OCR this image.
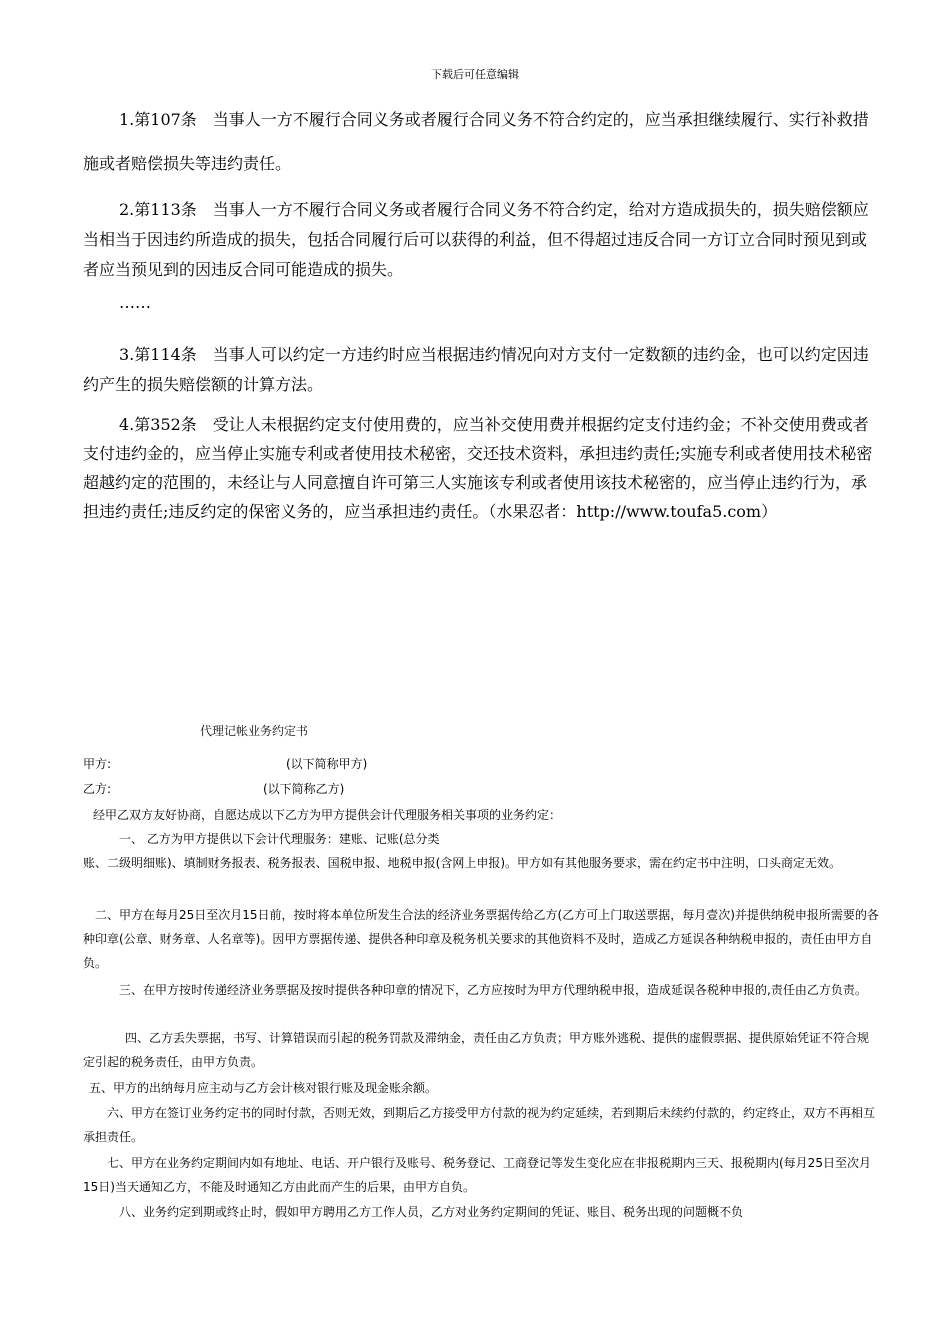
下载后可任意编辑
1.第107条　当事人一方不履行合同义务或者履行合同义务不符合约定的，应当承担继续履行、实行补救措施或者赔偿损失等违约责任。
2.第113条　当事人一方不履行合同义务或者履行合同义务不符合约定，给对方造成损失的，损失赔偿额应当相当于因违约所造成的损失，包括合同履行后可以获得的利益，但不得超过违反合同一方订立合同时预见到或者应当预见到的因违反合同可能造成的损失。
……
3.第114条　当事人可以约定一方违约时应当根据违约情况向对方支付一定数额的违约金，也可以约定因违约产生的损失赔偿额的计算方法。
4.第352条　受让人未根据约定支付使用费的，应当补交使用费并根据约定支付违约金；不补交使用费或者支付违约金的，应当停止实施专利或者使用技术秘密，交还技术资料，承担违约责任;实施专利或者使用技术秘密超越约定的范围的，未经让与人同意擅自许可第三人实施该专利或者使用该技术秘密的，应当停止违约行为，承担违约责任;违反约定的保密义务的，应当承担违约责任。（水果忍者：http://www.toufa5.com）
代理记帐业务约定书
甲方:	(以下简称甲方)
乙方:	(以下简称乙方)
经甲乙双方友好协商，自愿达成以下乙方为甲方提供会计代理服务相关事项的业务约定：
一、 乙方为甲方提供以下会计代理服务：建账、记账(总分类
账、二级明细账)、填制财务报表、税务报表、国税申报、地税申报(含网上申报)。甲方如有其他服务要求，需在约定书中注明，口头商定无效。
二、甲方在每月25日至次月15日前，按时将本单位所发生合法的经济业务票据传给乙方(乙方可上门取送票据，每月壹次)并提供纳税申报所需要的各种印章(公章、财务章、人名章等)。因甲方票据传递、提供各种印章及税务机关要求的其他资料不及时，造成乙方延误各种纳税申报的，责任由甲方自负。
三、在甲方按时传递经济业务票据及按时提供各种印章的情况下，乙方应按时为甲方代理纳税申报，造成延误各税种申报的,责任由乙方负责。
四、乙方丢失票据，书写、计算错误而引起的税务罚款及滞纳金，责任由乙方负责；甲方账外逃税、提供的虚假票据、提供原始凭证不符合规定引起的税务责任，由甲方负责。
五、甲方的出纳每月应主动与乙方会计核对银行账及现金账余额。
六、甲方在签订业务约定书的同时付款，否则无效，到期后乙方接受甲方付款的视为约定延续，若到期后未续约付款的，约定终止，双方不再相互承担责任。
七、甲方在业务约定期间内如有地址、电话、开户银行及账号、税务登记、工商登记等发生变化应在非报税期内三天、报税期内(每月25日至次月15日)当天通知乙方，不能及时通知乙方由此而产生的后果，由甲方自负。
八、业务约定到期或终止时，假如甲方聘用乙方工作人员，乙方对业务约定期间的凭证、账目、税务出现的问题概不负
